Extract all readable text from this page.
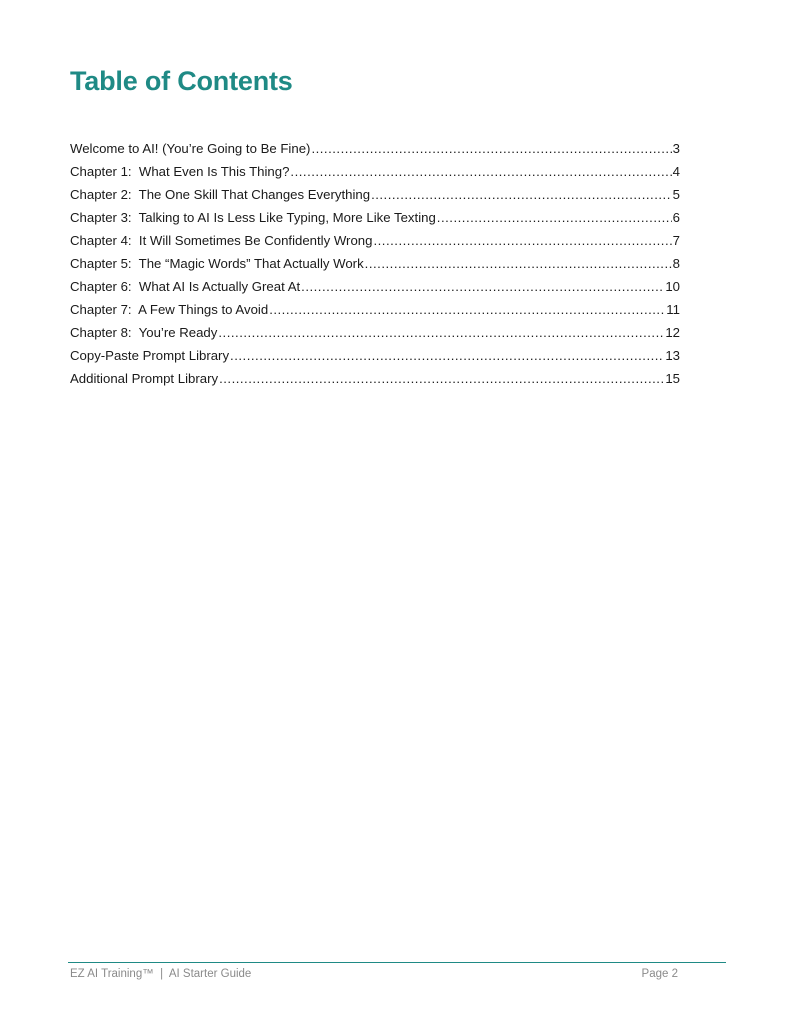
Table of Contents
Welcome to AI! (You’re Going to Be Fine) .....	3
Chapter 1:  What Even Is This Thing? .....	4
Chapter 2:  The One Skill That Changes Everything .....	5
Chapter 3:  Talking to AI Is Less Like Typing, More Like Texting .....	6
Chapter 4:  It Will Sometimes Be Confidently Wrong .....	7
Chapter 5:  The “Magic Words” That Actually Work .....	8
Chapter 6:  What AI Is Actually Great At .....	10
Chapter 7:  A Few Things to Avoid .....	11
Chapter 8:  You’re Ready .....	12
Copy-Paste Prompt Library .....	13
Additional Prompt Library .....	15
EZ AI Training™  |  AI Starter Guide	Page 2
